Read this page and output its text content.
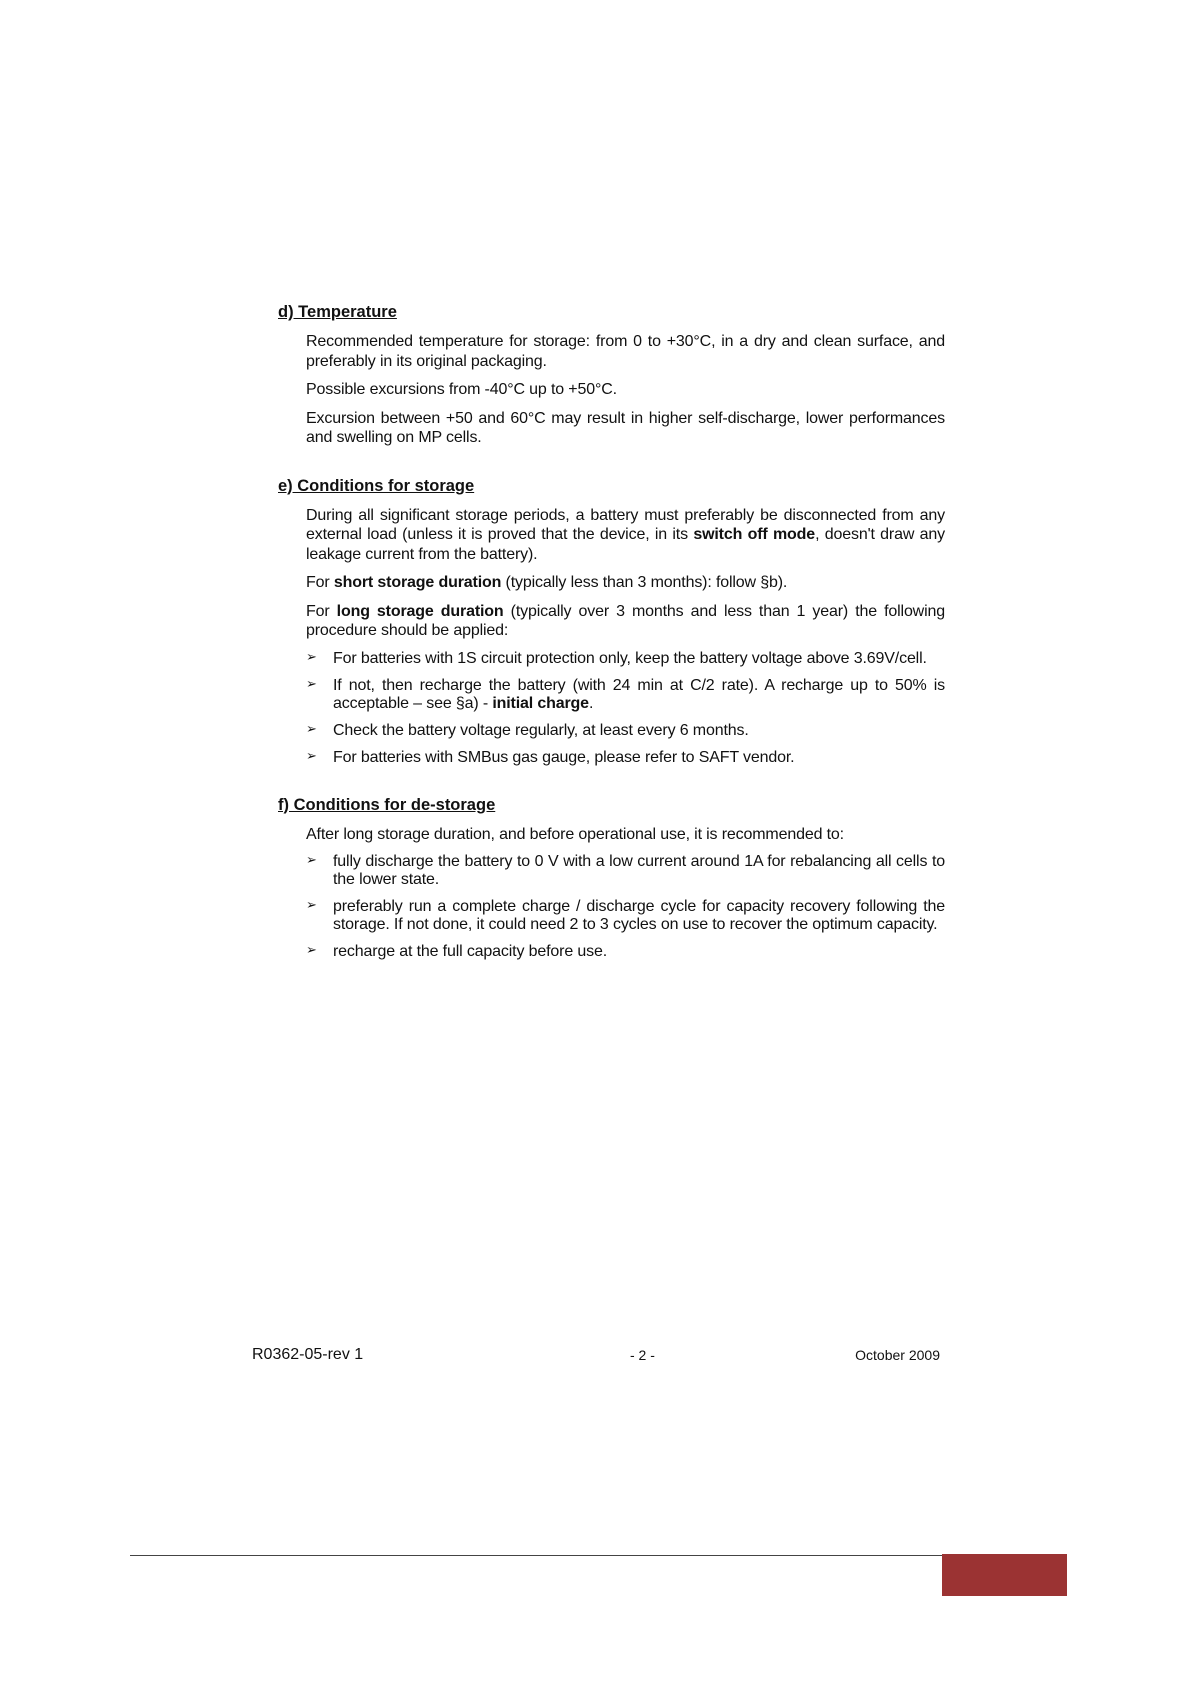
d) Temperature

Recommended temperature for storage: from 0 to +30°C, in a dry and clean surface, and preferably in its original packaging.

Possible excursions from -40°C up to +50°C.

Excursion between +50 and 60°C may result in higher self-discharge, lower performances and swelling on MP cells.

e) Conditions for storage

During all significant storage periods, a battery must preferably be disconnected from any external load (unless it is proved that the device, in its switch off mode, doesn't draw any leakage current from the battery).

For short storage duration (typically less than 3 months): follow §b).

For long storage duration (typically over 3 months and less than 1 year) the following procedure should be applied:

➢ For batteries with 1S circuit protection only, keep the battery voltage above 3.69V/cell.
➢ If not, then recharge the battery (with 24 min at C/2 rate). A recharge up to 50% is acceptable – see §a) - initial charge.
➢ Check the battery voltage regularly, at least every 6 months.
➢ For batteries with SMBus gas gauge, please refer to SAFT vendor.
f) Conditions for de-storage

After long storage duration, and before operational use, it is recommended to:

➢ fully discharge the battery to 0 V with a low current around 1A for rebalancing all cells to the lower state.
➢ preferably run a complete charge / discharge cycle for capacity recovery following the storage. If not done, it could need 2 to 3 cycles on use to recover the optimum capacity.
➢ recharge at the full capacity before use.
R0362-05-rev 1	- 2 -	October 2009
